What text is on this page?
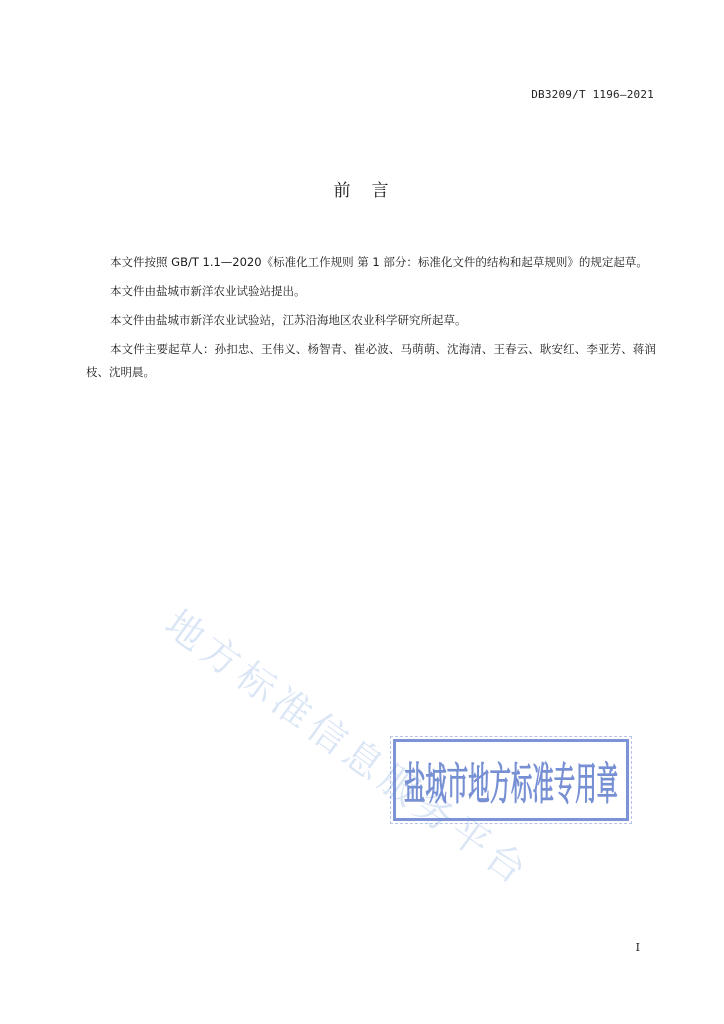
DB3209/T 1196—2021
前　言

本文件按照 GB/T 1.1—2020《标准化工作规则 第 1 部分：标准化文件的结构和起草规则》的规定起草。

本文件由盐城市新洋农业试验站提出。

本文件由盐城市新洋农业试验站，江苏沿海地区农业科学研究所起草。

本文件主要起草人：孙扣忠、王伟义、杨智青、崔必波、马萌萌、沈海清、王春云、耿安红、李亚芳、蒋润枝、沈明晨。

地方标准信息服务平台
盐城市地方标准专用章
I
